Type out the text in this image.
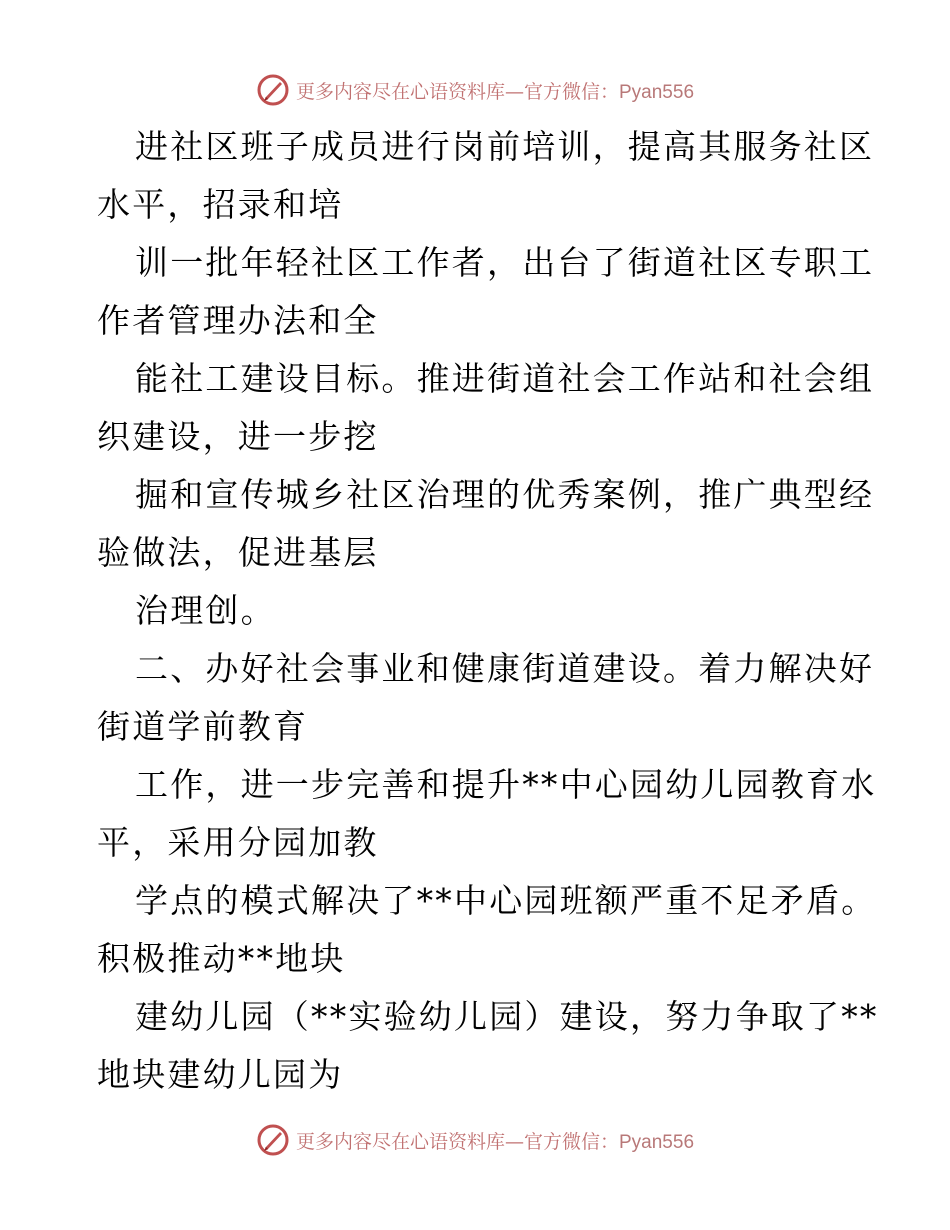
更多内容尽在心语资料库—官方微信：Pyan556
进社区班子成员进行岗前培训，提高其服务社区
水平，招录和培
训一批年轻社区工作者，出台了街道社区专职工
作者管理办法和全
能社工建设目标。推进街道社会工作站和社会组
织建设，进一步挖
掘和宣传城乡社区治理的优秀案例，推广典型经
验做法，促进基层
治理创。
二、办好社会事业和健康街道建设。着力解决好
街道学前教育
工作，进一步完善和提升**中心园幼儿园教育水
平，采用分园加教
学点的模式解决了**中心园班额严重不足矛盾。
积极推动**地块
建幼儿园（**实验幼儿园）建设，努力争取了**
地块建幼儿园为
更多内容尽在心语资料库—官方微信：Pyan556
